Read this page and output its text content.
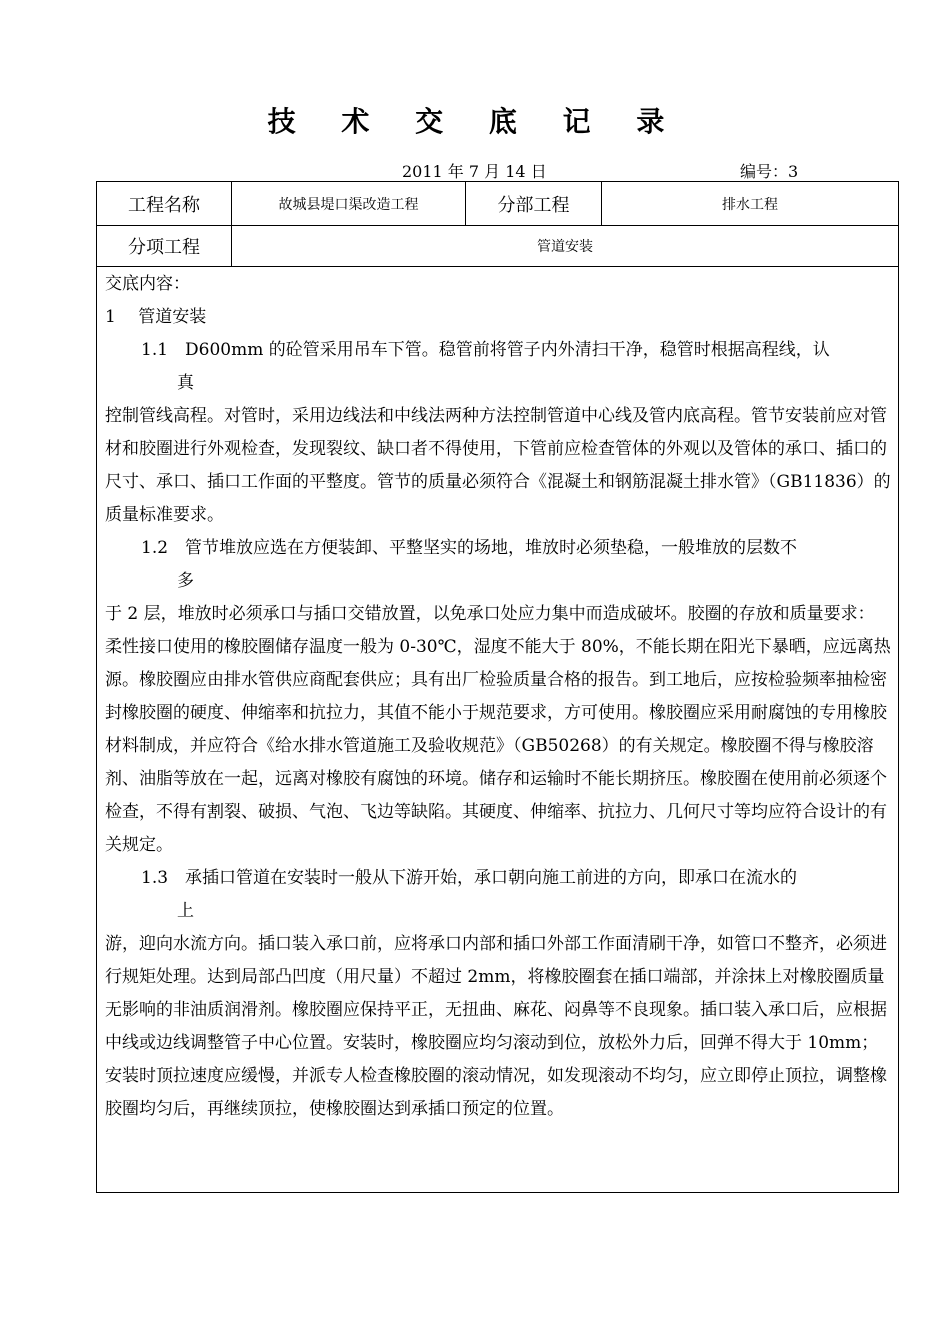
技 术 交 底 记 录
2011 年 7 月 14 日	编号：3
工程名称	故城县堤口渠改造工程	分部工程	排水工程
分项工程	管道安装

交底内容：

1　 管道安装

1.1　D600mm 的砼管采用吊车下管。稳管前将管子内外清扫干净，稳管时根据高程线，认

真

控制管线高程。对管时，采用边线法和中线法两种方法控制管道中心线及管内底高程。管节安装前应对管材和胶圈进行外观检查，发现裂纹、缺口者不得使用，下管前应检查管体的外观以及管体的承口、插口的尺寸、承口、插口工作面的平整度。管节的质量必须符合《混凝土和钢筋混凝土排水管》（GB11836）的质量标准要求。

1.2　管节堆放应选在方便装卸、平整坚实的场地，堆放时必须垫稳，一般堆放的层数不

多

于 2 层，堆放时必须承口与插口交错放置，以免承口处应力集中而造成破坏。胶圈的存放和质量要求：柔性接口使用的橡胶圈储存温度一般为 0-30℃，湿度不能大于 80%，不能长期在阳光下暴晒，应远离热源。橡胶圈应由排水管供应商配套供应；具有出厂检验质量合格的报告。到工地后，应按检验频率抽检密封橡胶圈的硬度、伸缩率和抗拉力，其值不能小于规范要求，方可使用。橡胶圈应采用耐腐蚀的专用橡胶材料制成，并应符合《给水排水管道施工及验收规范》（GB50268）的有关规定。橡胶圈不得与橡胶溶剂、油脂等放在一起，远离对橡胶有腐蚀的环境。储存和运输时不能长期挤压。橡胶圈在使用前必须逐个检查，不得有割裂、破损、气泡、飞边等缺陷。其硬度、伸缩率、抗拉力、几何尺寸等均应符合设计的有关规定。

1.3　承插口管道在安装时一般从下游开始，承口朝向施工前进的方向，即承口在流水的

上

游，迎向水流方向。插口装入承口前，应将承口内部和插口外部工作面清刷干净，如管口不整齐，必须进行规矩处理。达到局部凸凹度（用尺量）不超过 2mm，将橡胶圈套在插口端部，并涂抹上对橡胶圈质量无影响的非油质润滑剂。橡胶圈应保持平正，无扭曲、麻花、闷鼻等不良现象。插口装入承口后，应根据中线或边线调整管子中心位置。安装时，橡胶圈应均匀滚动到位，放松外力后，回弹不得大于 10mm；安装时顶拉速度应缓慢，并派专人检查橡胶圈的滚动情况，如发现滚动不均匀，应立即停止顶拉，调整橡胶圈均匀后，再继续顶拉，使橡胶圈达到承插口预定的位置。
